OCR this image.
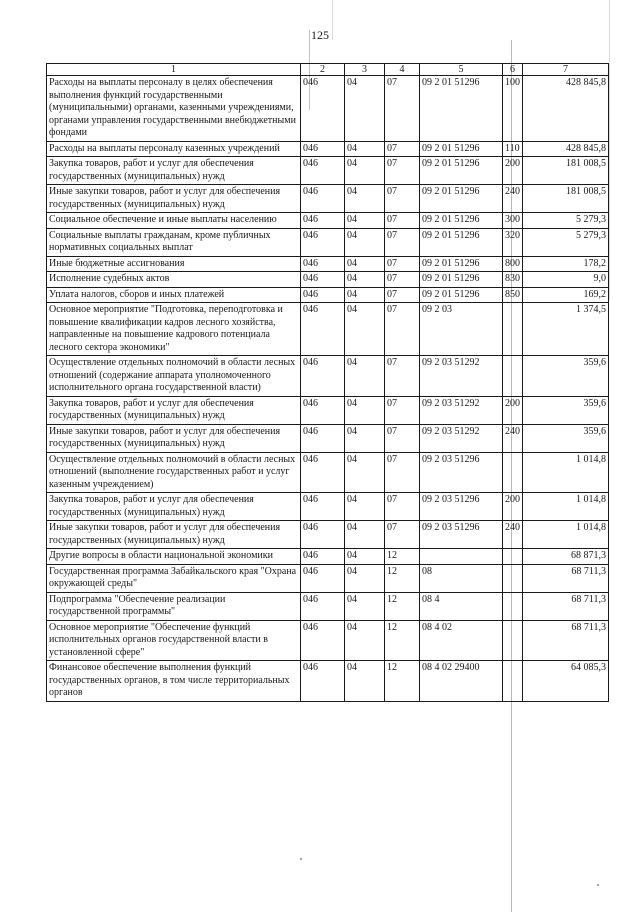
125
1	2	3	4	5	6	7
Расходы на выплаты персоналу в целях обеспечения выполнения функций государственными (муниципальными) органами, казенными учреждениями, органами управления государственными внебюджетными фондами	046	04	07	09 2 01 51296	100	428 845,8
Расходы на выплаты персоналу казенных учреждений	046	04	07	09 2 01 51296	110	428 845,8
Закупка товаров, работ и услуг для обеспечения государственных (муниципальных) нужд	046	04	07	09 2 01 51296	200	181 008,5
Иные закупки товаров, работ и услуг для обеспечения государственных (муниципальных) нужд	046	04	07	09 2 01 51296	240	181 008,5
Социальное обеспечение и иные выплаты населению	046	04	07	09 2 01 51296	300	5 279,3
Социальные выплаты гражданам, кроме публичных нормативных социальных выплат	046	04	07	09 2 01 51296	320	5 279,3
Иные бюджетные ассигнования	046	04	07	09 2 01 51296	800	178,2
Исполнение судебных актов	046	04	07	09 2 01 51296	830	9,0
Уплата налогов, сборов и иных платежей	046	04	07	09 2 01 51296	850	169,2
Основное мероприятие "Подготовка, переподготовка и повышение квалификации кадров лесного хозяйства, направленные на повышение кадрового потенциала лесного сектора экономики"	046	04	07	09 2 03		1 374,5
Осуществление отдельных полномочий в области лесных отношений (содержание аппарата уполномоченного исполнительного органа государственной власти)	046	04	07	09 2 03 51292		359,6
Закупка товаров, работ и услуг для обеспечения государственных (муниципальных) нужд	046	04	07	09 2 03 51292	200	359,6
Иные закупки товаров, работ и услуг для обеспечения государственных (муниципальных) нужд	046	04	07	09 2 03 51292	240	359,6
Осуществление отдельных полномочий в области лесных отношений (выполнение государственных работ и услуг казенным учреждением)	046	04	07	09 2 03 51296		1 014,8
Закупка товаров, работ и услуг для обеспечения государственных (муниципальных) нужд	046	04	07	09 2 03 51296	200	1 014,8
Иные закупки товаров, работ и услуг для обеспечения государственных (муниципальных) нужд	046	04	07	09 2 03 51296	240	1 014,8
Другие вопросы в области национальной экономики	046	04	12			68 871,3
Государственная программа Забайкальского края "Охрана окружающей среды"	046	04	12	08		68 711,3
Подпрограмма "Обеспечение реализации государственной программы"	046	04	12	08 4		68 711,3
Основное мероприятие "Обеспечение функций исполнительных органов государственной власти в установленной сфере"	046	04	12	08 4 02		68 711,3
Финансовое обеспечение выполнения функций государственных органов, в том числе территориальных органов	046	04	12	08 4 02 29400		64 085,3
